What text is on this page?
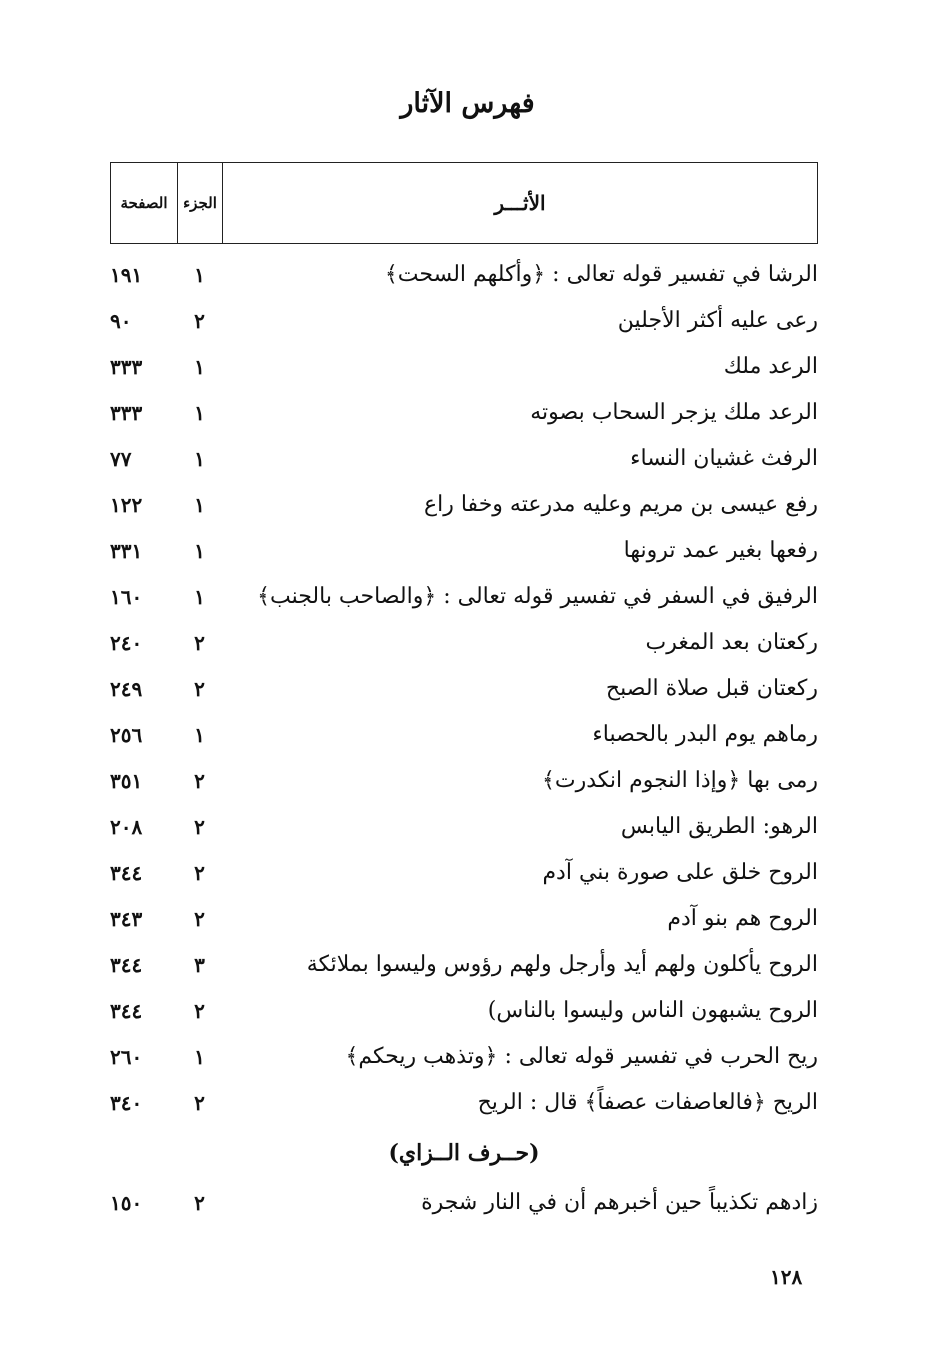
فهرس الآثار
الصفحة	الجزء	الأثـــر
الرشا في تفسير قوله تعالى : ﴿وأكلهم السحت﴾
١
١٩١
رعى عليه أكثر الأجلين
٢
٩٠
الرعد ملك
١
٣٣٣
الرعد ملك يزجر السحاب بصوته
١
٣٣٣
الرفث غشيان النساء
١
٧٧
رفع عيسى بن مريم وعليه مدرعته وخفا راع
١
١٢٢
رفعها بغير عمد ترونها
١
٣٣١
الرفيق في السفر في تفسير قوله تعالى : ﴿والصاحب بالجنب﴾
١
١٦٠
ركعتان بعد المغرب
٢
٢٤٠
ركعتان قبل صلاة الصبح
٢
٢٤٩
رماهم يوم البدر بالحصباء
١
٢٥٦
رمى بها ﴿وإذا النجوم انكدرت﴾
٢
٣٥١
الرهو: الطريق اليابس
٢
٢٠٨
الروح خلق على صورة بني آدم
٢
٣٤٤
الروح هم بنو آدم
٢
٣٤٣
الروح يأكلون ولهم أيد وأرجل ولهم رؤوس وليسوا بملائكة
٣
٣٤٤
الروح يشبهون الناس وليسوا بالناس)
٢
٣٤٤
ريح الحرب في تفسير قوله تعالى : ﴿وتذهب ريحكم﴾
١
٢٦٠
الريح ﴿فالعاصفات عصفاً﴾ قال : الريح
٢
٣٤٠
(حــرف الــزاي)
زادهم تكذيباً حين أخبرهم أن في النار شجرة
٢
١٥٠
١٢٨
